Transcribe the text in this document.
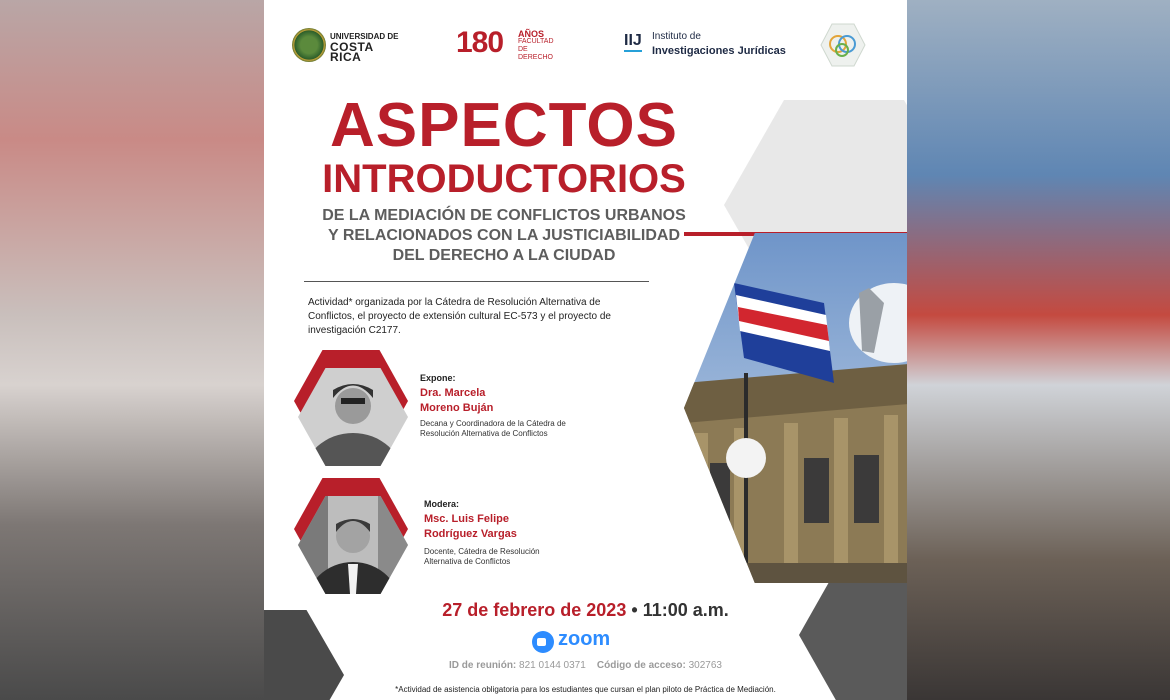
UNIVERSIDAD DE
COSTA RICA	180 AÑOS
FACULTAD DE DERECHO
IIJ Instituto de
Investigaciones Jurídicas
ASPECTOS
INTRODUCTORIOS
DE LA MEDIACIÓN DE CONFLICTOS URBANOS
Y RELACIONADOS CON LA JUSTICIABILIDAD
DEL DERECHO A LA CIUDAD
Actividad* organizada por la Cátedra de Resolución Alternativa de Conflictos, el proyecto de extensión cultural EC-573 y el proyecto de investigación C2177.
Expone:
Dra. Marcela
Moreno Buján
Decana y Coordinadora de la Cátedra de Resolución Alternativa de Conflictos
Modera:
Msc. Luis Felipe
Rodríguez Vargas
Docente, Cátedra de Resolución Alternativa de Conflictos
27 de febrero de 2023 • 11:00 a.m.
zoom
ID de reunión: 821 0144 0371 Código de acceso: 302763
*Actividad de asistencia obligatoria para los estudiantes que cursan el plan piloto de Práctica de Mediación.
